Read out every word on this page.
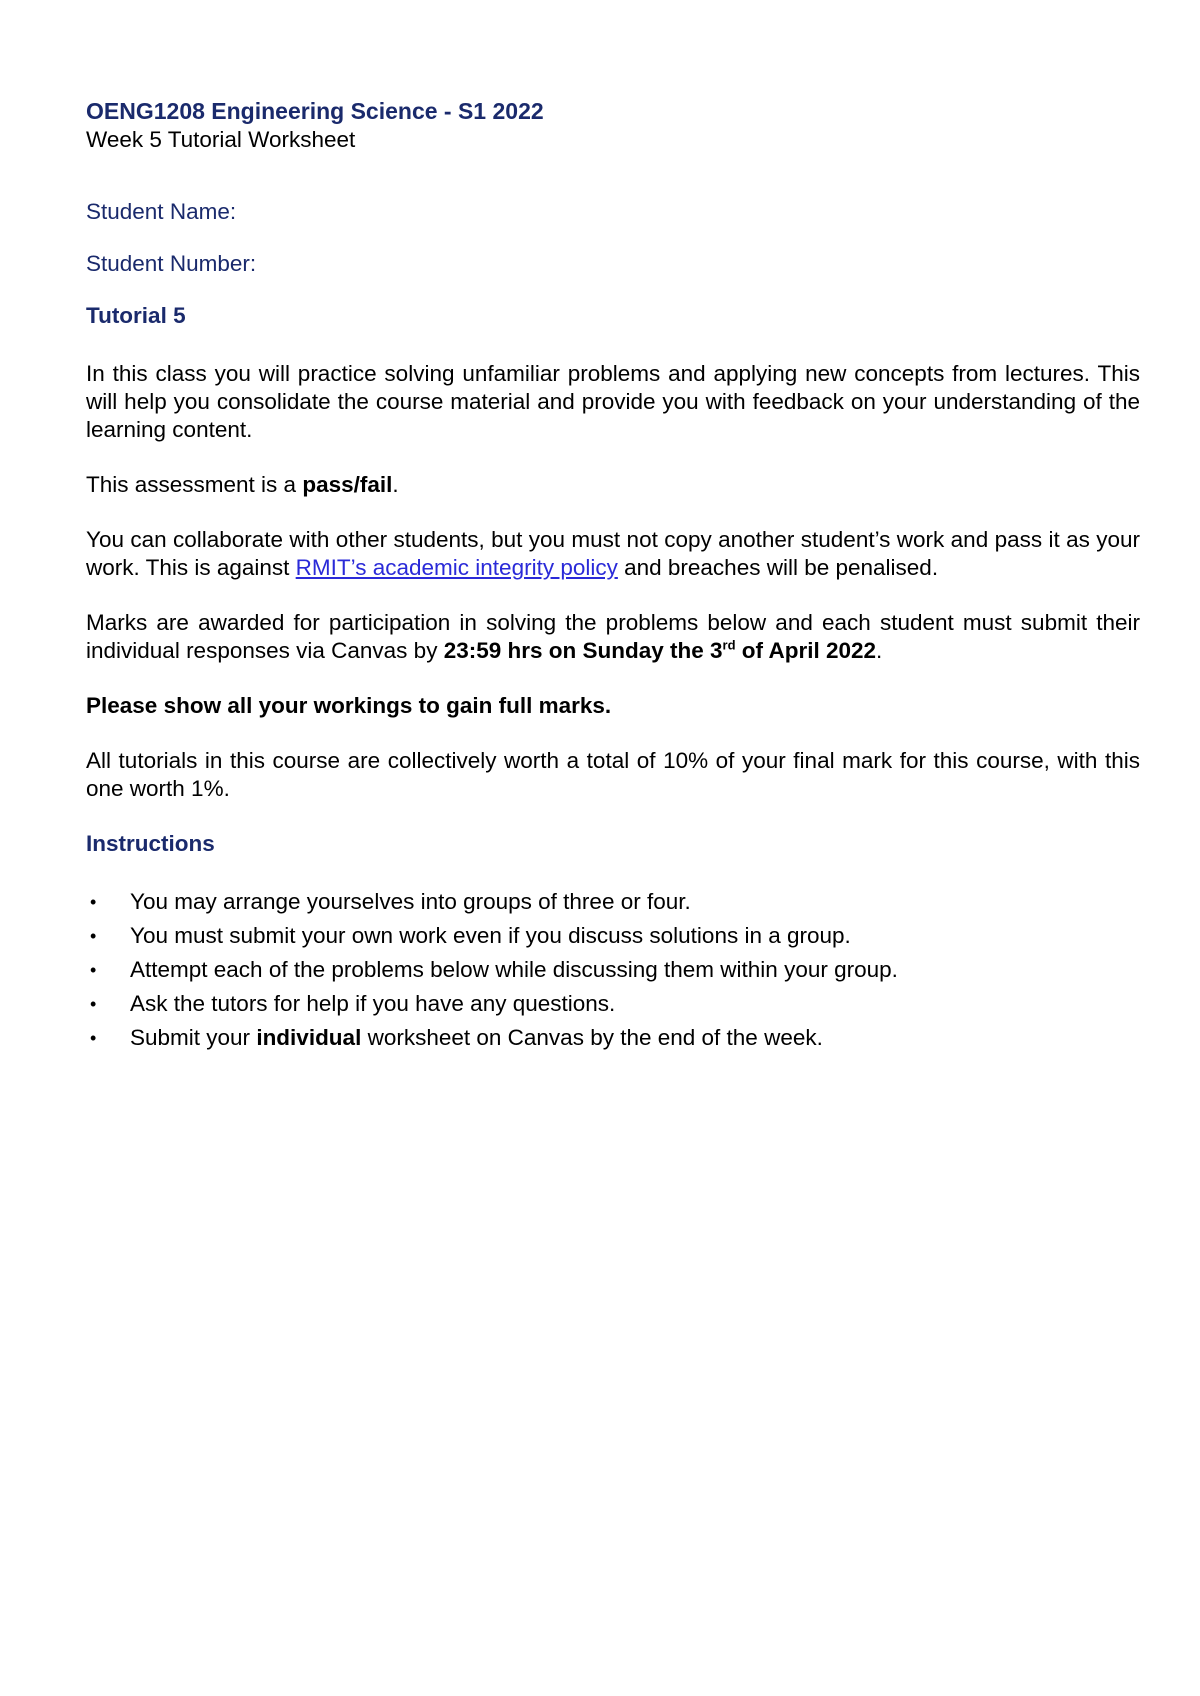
OENG1208 Engineering Science - S1 2022

Week 5 Tutorial Worksheet

Student Name:

Student Number:

Tutorial 5

In this class you will practice solving unfamiliar problems and applying new concepts from lectures. This will help you consolidate the course material and provide you with feedback on your understanding of the learning content.

This assessment is a pass/fail.

You can collaborate with other students, but you must not copy another student’s work and pass it as your work. This is against RMIT’s academic integrity policy and breaches will be penalised.

Marks are awarded for participation in solving the problems below and each student must submit their individual responses via Canvas by 23:59 hrs on Sunday the 3rd of April 2022.

Please show all your workings to gain full marks.

All tutorials in this course are collectively worth a total of 10% of your final mark for this course, with this one worth 1%.

Instructions

• You may arrange yourselves into groups of three or four.
• You must submit your own work even if you discuss solutions in a group.
• Attempt each of the problems below while discussing them within your group.
• Ask the tutors for help if you have any questions.
• Submit your individual worksheet on Canvas by the end of the week.
